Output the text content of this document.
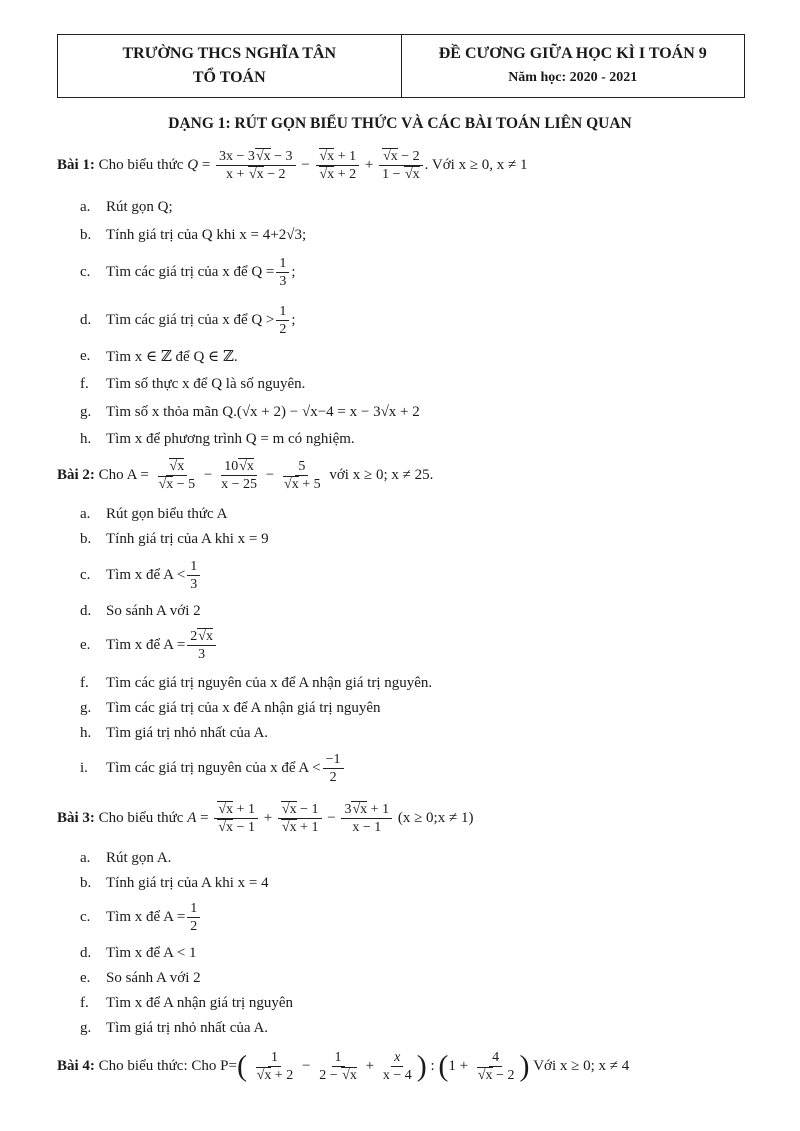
TRƯỜNG THCS NGHĨA TÂN
TỔ TOÁN
ĐỀ CƯƠNG GIỮA HỌC KÌ I TOÁN 9
Năm học: 2020 - 2021
DẠNG 1: RÚT GỌN BIỂU THỨC VÀ CÁC BÀI TOÁN LIÊN QUAN
Bài 1:
Cho biểu thức
$Q = \frac{3x - 3√x - 3}{x + √x - 2} - \frac{√x + 1}{√x + 2} + \frac{√x - 2}{1 - √x}$ . Với x ≥ 0, x ≠ 1
a.	Rút gọn Q;
b. Tính giá trị của Q khi x = 4+2√3;
c.	Tìm các giá trị của x để $Q = \frac{1}{3}$ ;
d. Tìm các giá trị của x để $Q > \frac{1}{2}$ ;
e.	Tìm x ∈ ℤ để Q ∈ ℤ.
f.	Tìm số thực x để Q là số nguyên.
g. Tìm số x thỏa mãn Q.(√x + 2) − √x−4 = x − 3√x + 2
h. Tìm x để phương trình Q = m có nghiệm.
Bài 2:
Cho A =
$\frac{√x}{√x - 5} - \frac{10√x}{x - 25} - \frac{5}{√x + 5}$
với x ≥ 0; x ≠ 25.
a.	Rút gọn biểu thức A
b. Tính giá trị của A khi x = 9
c.	Tìm x để $A < \frac{1}{3}$
d. So sánh A với 2
e.	Tìm x để $A = \frac{2√x}{3}$
f.	Tìm các giá trị nguyên của x để A nhận giá trị nguyên.
g. Tìm các giá trị của x để A nhận giá trị nguyên
h. Tìm giá trị nhỏ nhất của A.
i.	Tìm các giá trị nguyên của x để $A < \frac{-1}{2}$
Bài 3:
Cho biểu thức
$A = \frac{√x + 1}{√x - 1} + \frac{√x - 1}{√x + 1} - \frac{3√x + 1}{x - 1}$
(x ≥ 0;x ≠ 1)
a.	Rút gọn A.
b. Tính giá trị của A khi x = 4
c.	Tìm x để $A = \frac{1}{2}$
d. Tìm x để A < 1
e.	So sánh A với 2
f.	Tìm x để A nhận giá trị nguyên
g. Tìm giá trị nhỏ nhất của A.
Bài 4:
Cho biểu thức: Cho P= ( $\frac{1}{√x + 2} - \frac{1}{2 - √x} + \frac{x}{x - 4}$ ) : ($1 + \frac{4}{√x - 2}$ )
Với x ≥ 0; x ≠ 4
